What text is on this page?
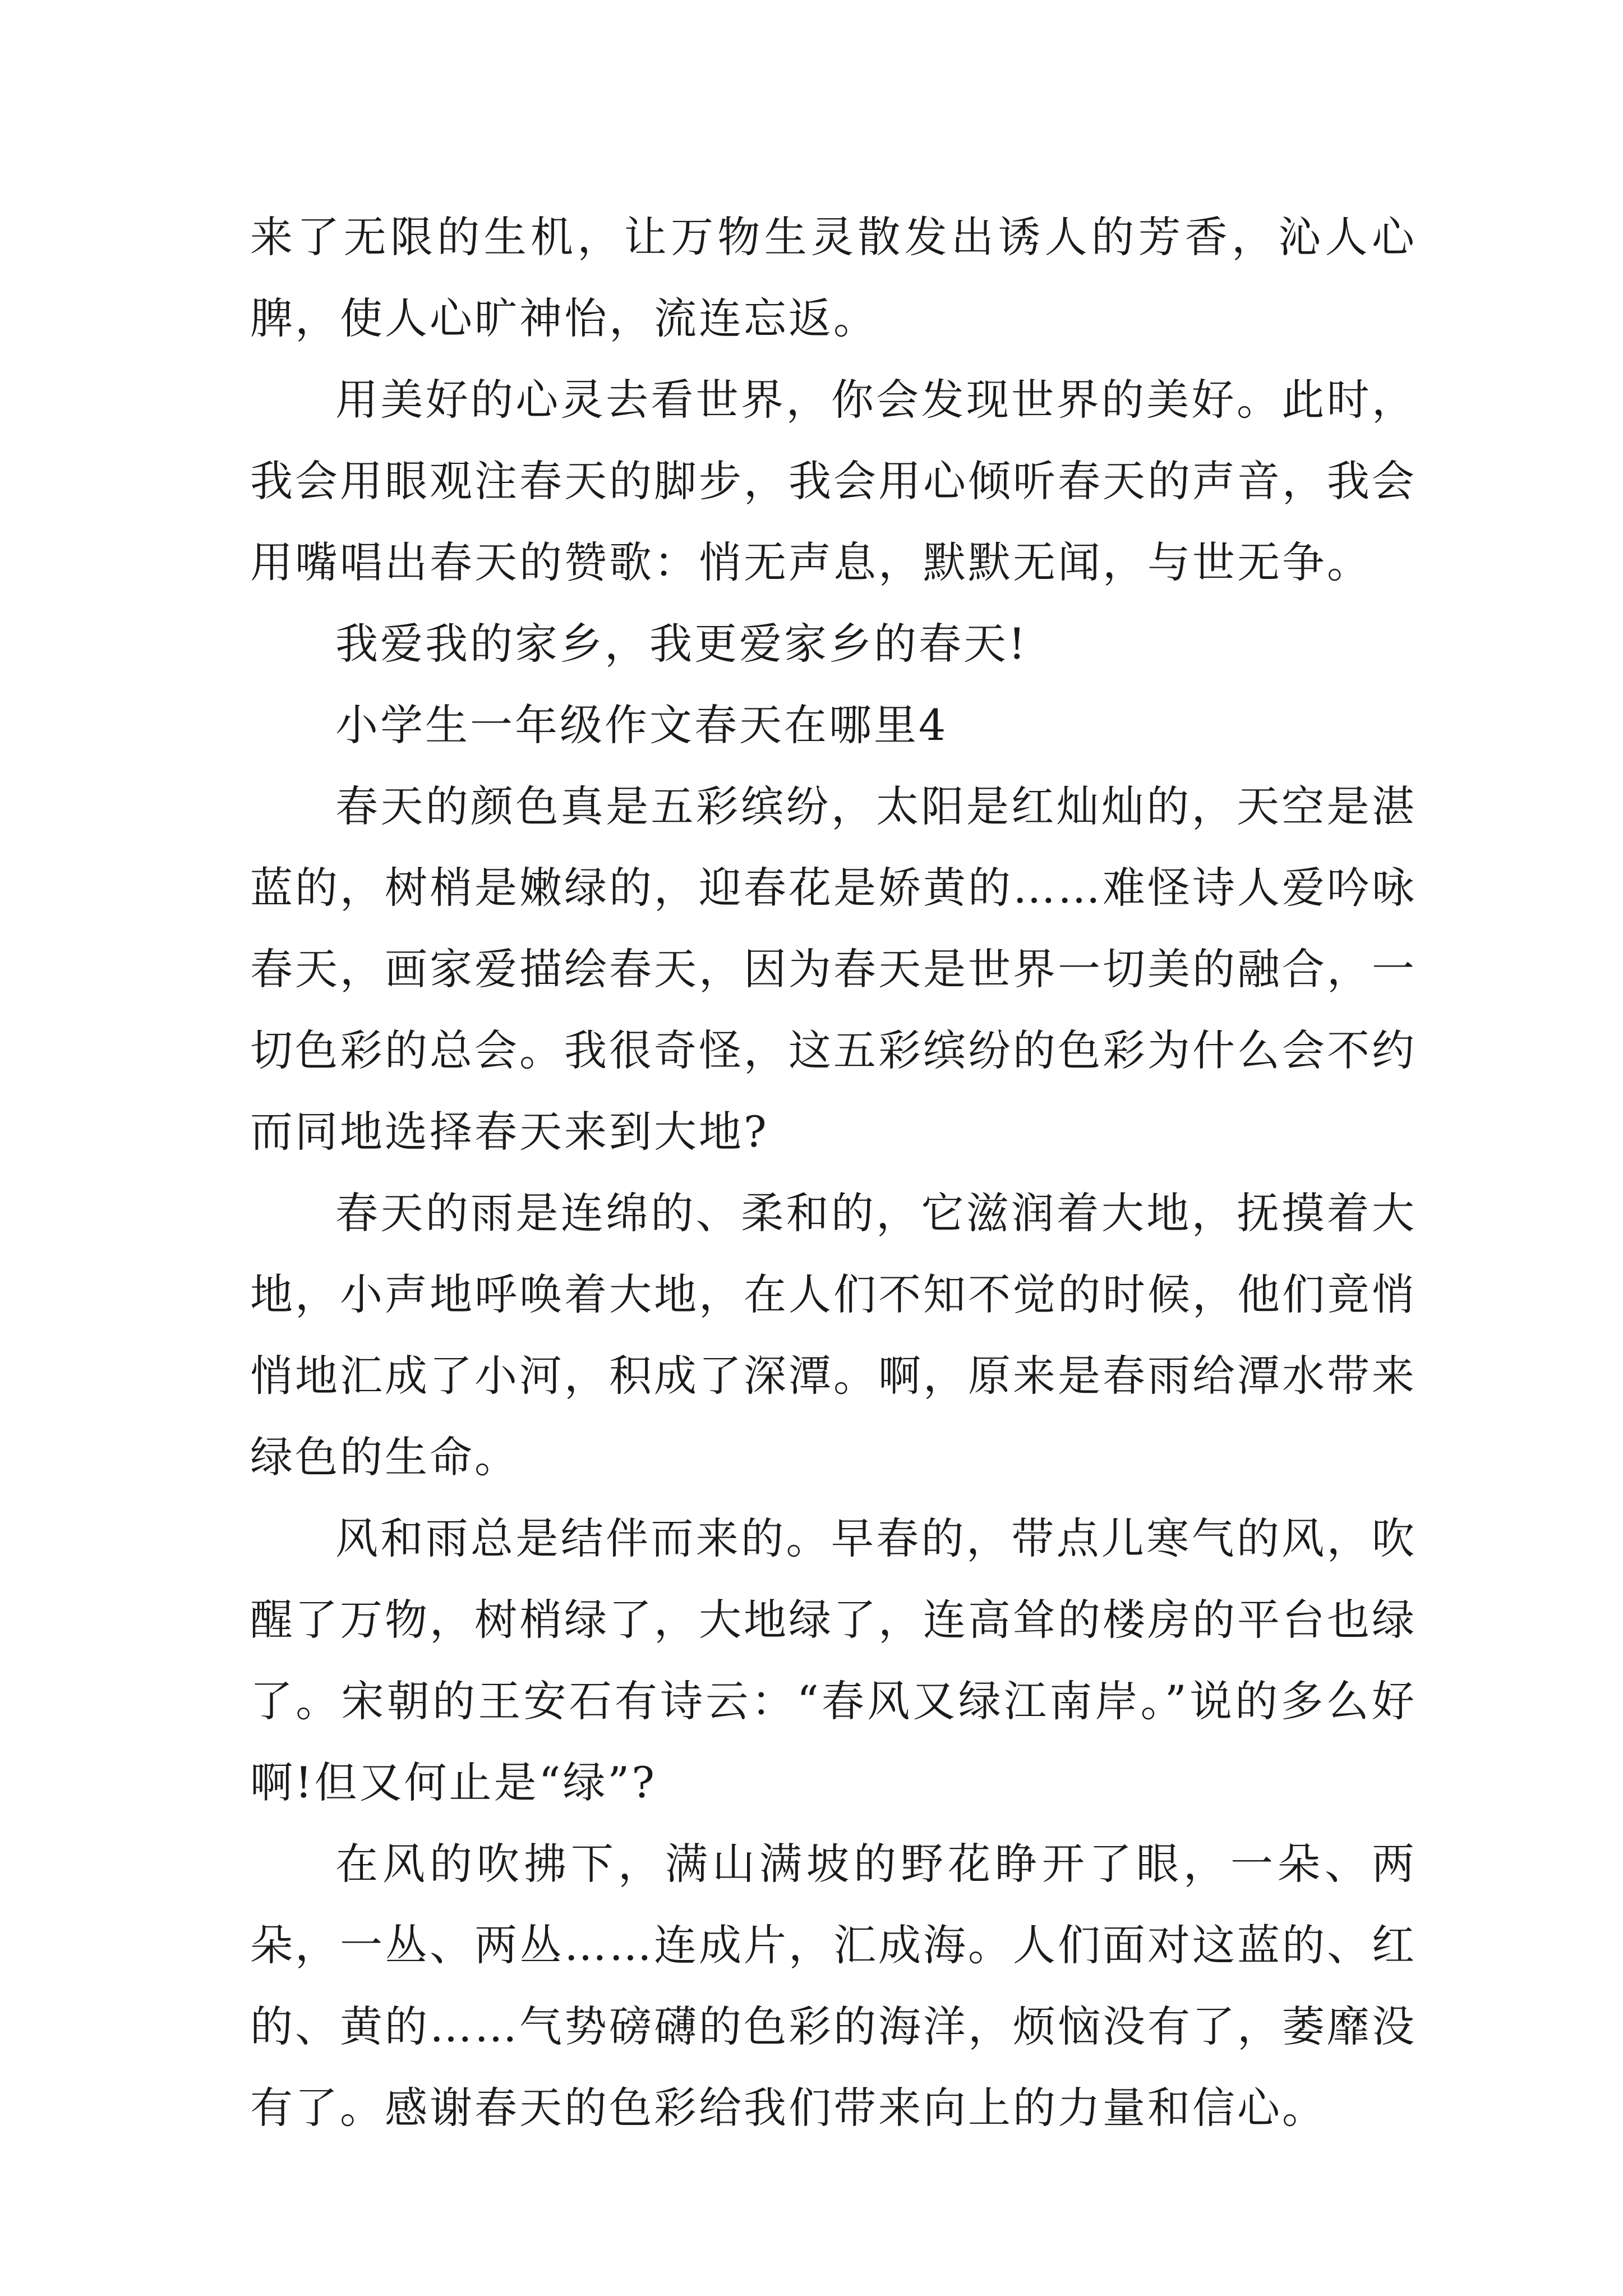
来了无限的生机，让万物生灵散发出诱人的芳香，沁人心脾，使人心旷神怡，流连忘返。

用美好的心灵去看世界，你会发现世界的美好。此时，我会用眼观注春天的脚步，我会用心倾听春天的声音，我会用嘴唱出春天的赞歌：悄无声息，默默无闻，与世无争。

我爱我的家乡，我更爱家乡的春天!

小学生一年级作文春天在哪里4

春天的颜色真是五彩缤纷，太阳是红灿灿的，天空是湛蓝的，树梢是嫩绿的，迎春花是娇黄的……难怪诗人爱吟咏春天，画家爱描绘春天，因为春天是世界一切美的融合，一切色彩的总会。我很奇怪，这五彩缤纷的色彩为什么会不约而同地选择春天来到大地?

春天的雨是连绵的、柔和的，它滋润着大地，抚摸着大地，小声地呼唤着大地，在人们不知不觉的时候，他们竟悄悄地汇成了小河，积成了深潭。啊，原来是春雨给潭水带来绿色的生命。

风和雨总是结伴而来的。早春的，带点儿寒气的风，吹醒了万物，树梢绿了，大地绿了，连高耸的楼房的平台也绿了。宋朝的王安石有诗云：“春风又绿江南岸。”说的多么好啊!但又何止是“绿”?

在风的吹拂下，满山满坡的野花睁开了眼，一朵、两朵，一丛、两丛……连成片，汇成海。人们面对这蓝的、红的、黄的……气势磅礴的色彩的海洋，烦恼没有了，萎靡没有了。感谢春天的色彩给我们带来向上的力量和信心。
